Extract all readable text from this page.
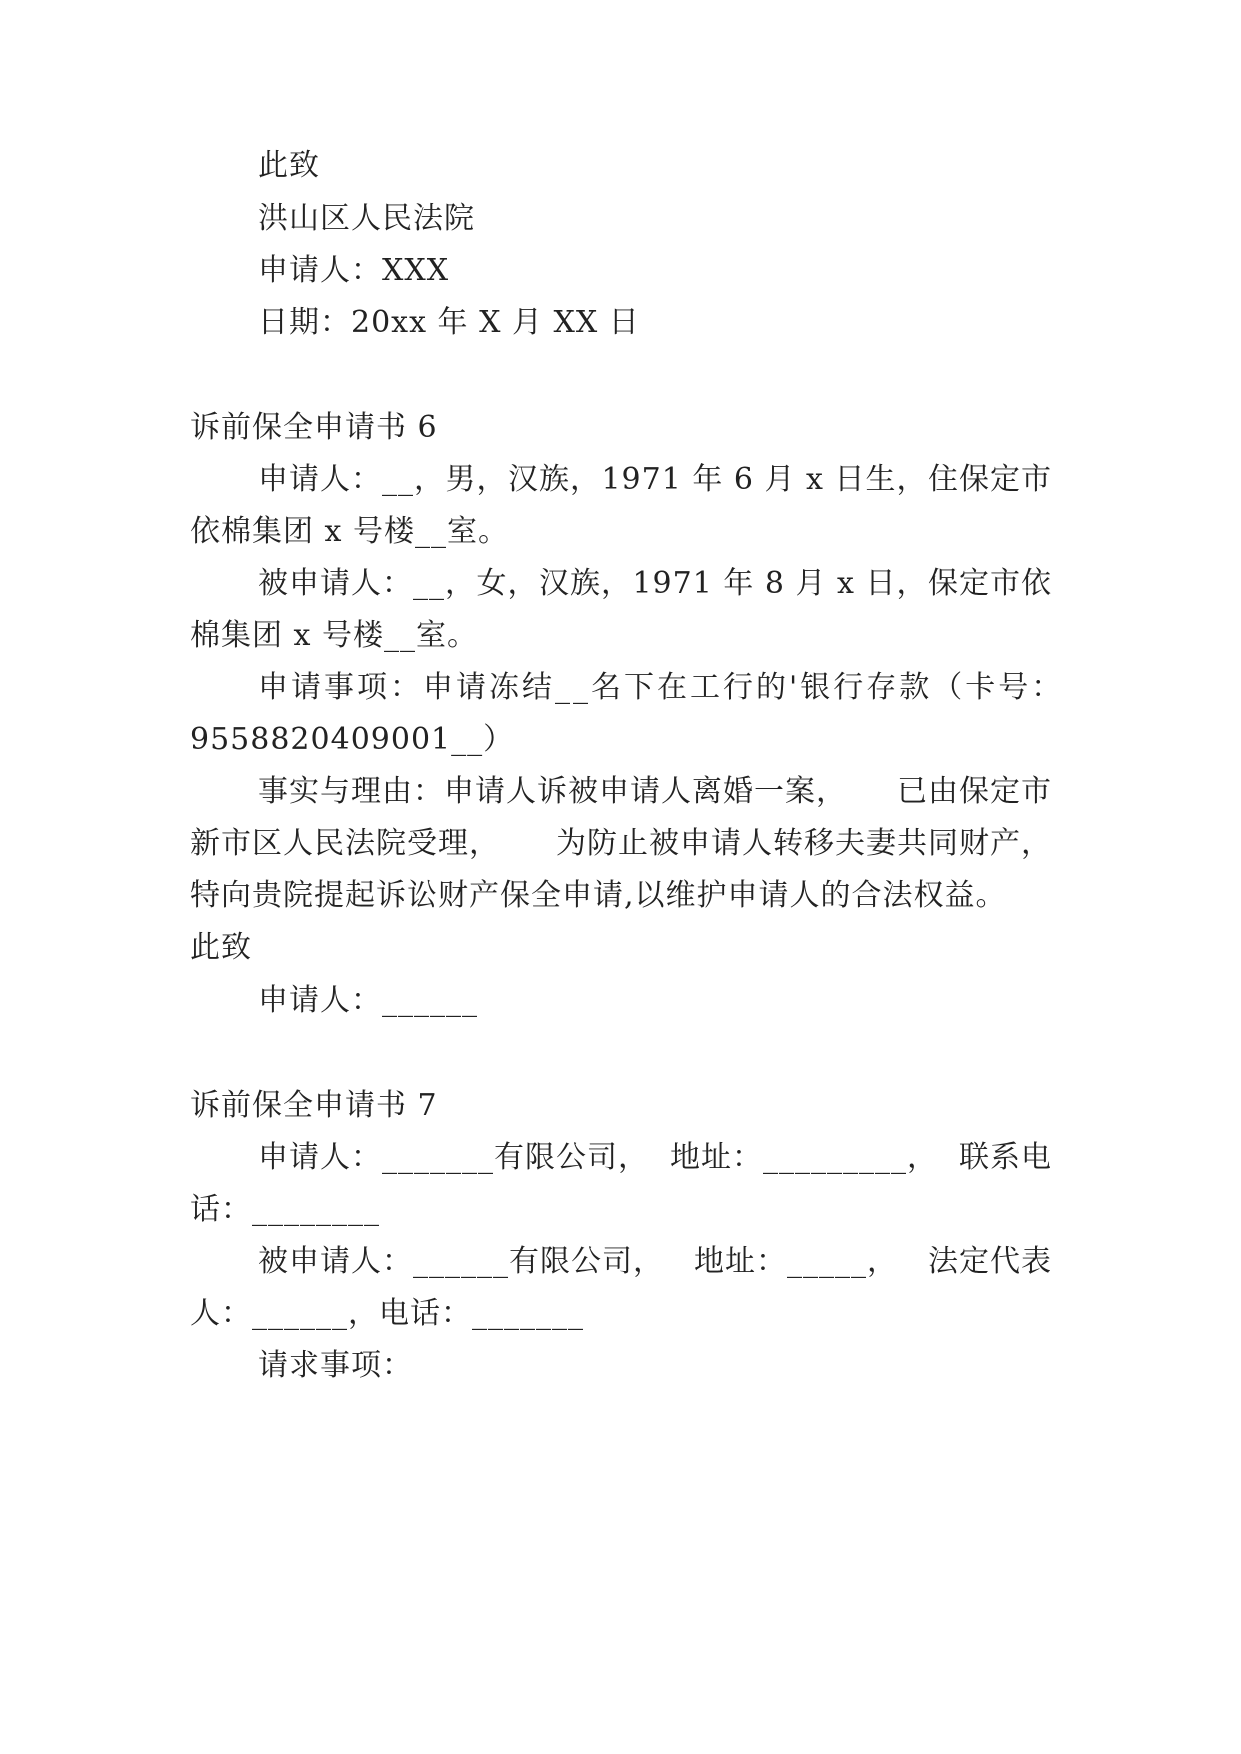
此致
洪山区人民法院
申请人：XXX
日期：20xx 年 X 月 XX 日
诉前保全申请书 6
申请人：__， 男， 汉族， 1971 年 6 月 x 日生， 住保定市
依棉集团 x 号楼__室。
被申请人：__， 女， 汉族， 1971 年 8 月 x 日， 保定市依
棉集团 x 号楼__室。
申请事项：申请冻结__名下在工行的'银行存款（卡号：
9558820409001__）
事实与理由：申请人诉被申请人离婚一案， 已由保定市
新市区人民法院受理， 为防止被申请人转移夫妻共同财产，
特向贵院提起诉讼财产保全申请,以维护申请人的合法权益。
此致
申请人：______
诉前保全申请书 7
申请人：_______有限公司， 地址：_________， 联系电
话：________
被申请人：______有限公司， 地址：_____， 法定代表
人：______，电话：_______
请求事项：
